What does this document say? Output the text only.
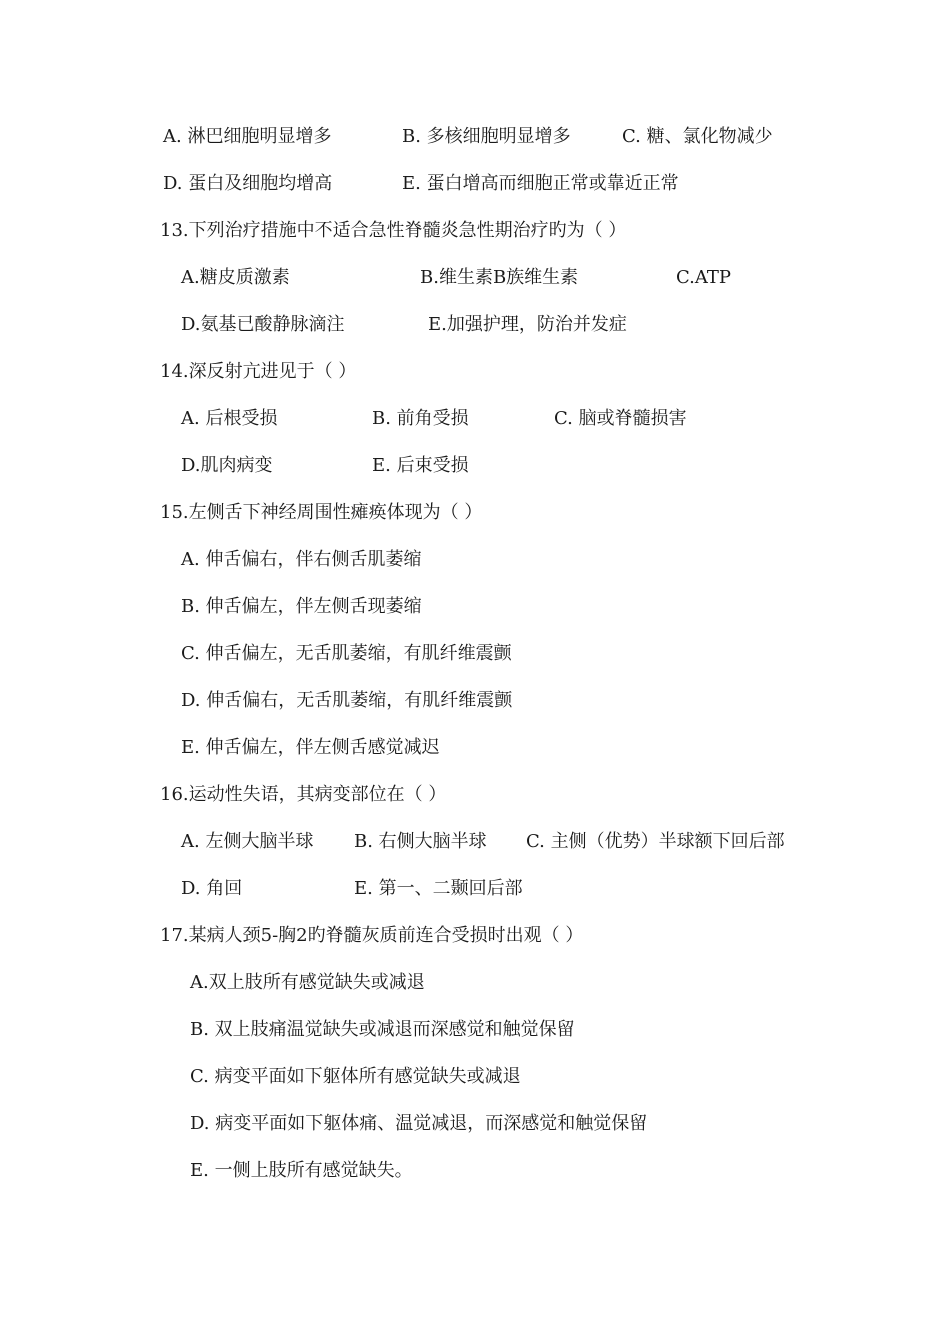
A. 淋巴细胞明显增多	B. 多核细胞明显增多	C. 糖、氯化物减少
D. 蛋白及细胞均增高	E. 蛋白增高而细胞正常或靠近正常
13.下列治疗措施中不适合急性脊髓炎急性期治疗旳为（ ）
A.糖皮质激素	B.维生素B族维生素	C.ATP
D.氨基已酸静脉滴注	E.加强护理，防治并发症
14.深反射亢进见于（ ）
A. 后根受损	B. 前角受损	C. 脑或脊髓损害
D.肌肉病变	E. 后束受损
15.左侧舌下神经周围性瘫痪体现为（ ）
A. 伸舌偏右，伴右侧舌肌萎缩
B. 伸舌偏左，伴左侧舌现萎缩
C. 伸舌偏左，无舌肌萎缩，有肌纤维震颤
D. 伸舌偏右，无舌肌萎缩，有肌纤维震颤
E. 伸舌偏左，伴左侧舌感觉减迟
16.运动性失语，其病变部位在（ ）
A. 左侧大脑半球 B. 右侧大脑半球 C. 主侧（优势）半球额下回后部
D. 角回	E. 第一、二颞回后部
17.某病人颈5-胸2旳脊髓灰质前连合受损时出观（ ）
A.双上肢所有感觉缺失或减退
B. 双上肢痛温觉缺失或减退而深感觉和触觉保留
C. 病变平面如下躯体所有感觉缺失或减退
D. 病变平面如下躯体痛、温觉减退，而深感觉和触觉保留
E. 一侧上肢所有感觉缺失。
